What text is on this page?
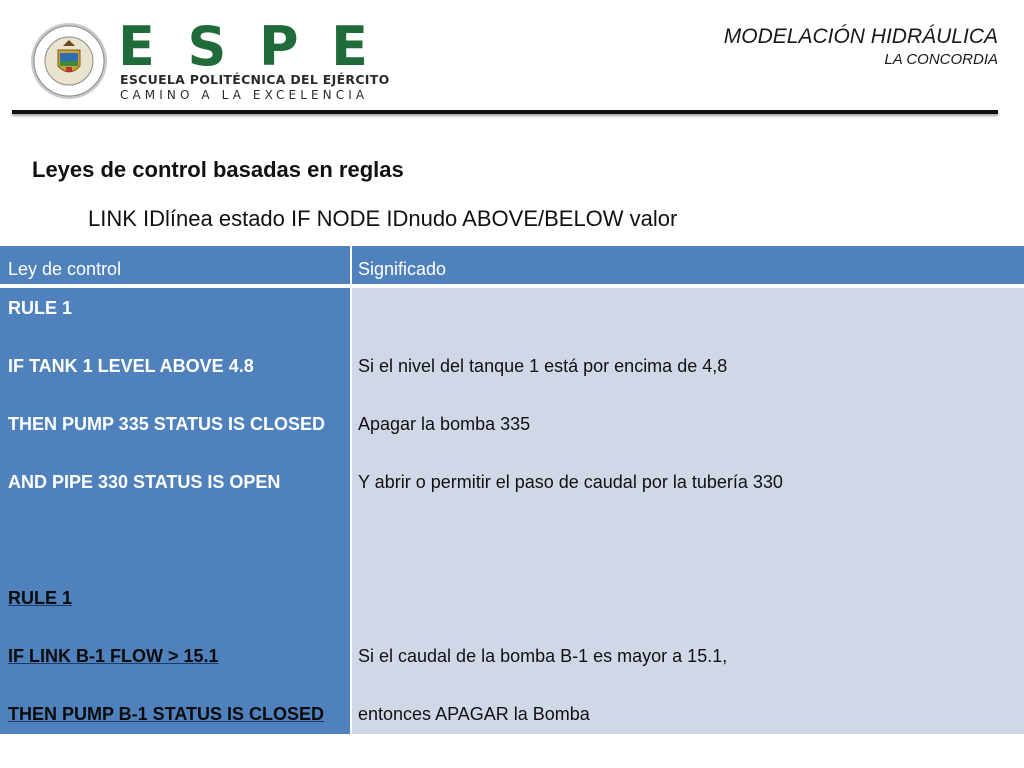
E S P E
ESCUELA POLITÉCNICA DEL EJÉRCITO
CAMINO A LA EXCELENCIA
MODELACIÓN HIDRÁULICA
LA CONCORDIA
Leyes de control basadas en reglas
LINK IDlínea estado IF NODE IDnudo ABOVE/BELOW valor
Ley de control	Significado
RULE 1
IF TANK 1 LEVEL ABOVE 4.8
THEN PUMP 335 STATUS IS CLOSED
AND PIPE 330 STATUS IS OPEN
RULE 1
IF LINK B-1 FLOW > 15.1
THEN PUMP B-1 STATUS IS CLOSED
Si el nivel del tanque 1 está por encima de 4,8
Apagar la bomba 335
Y abrir o permitir el paso de caudal por la tubería 330
Si el caudal de la bomba B-1 es mayor a 15.1,
entonces APAGAR la Bomba
